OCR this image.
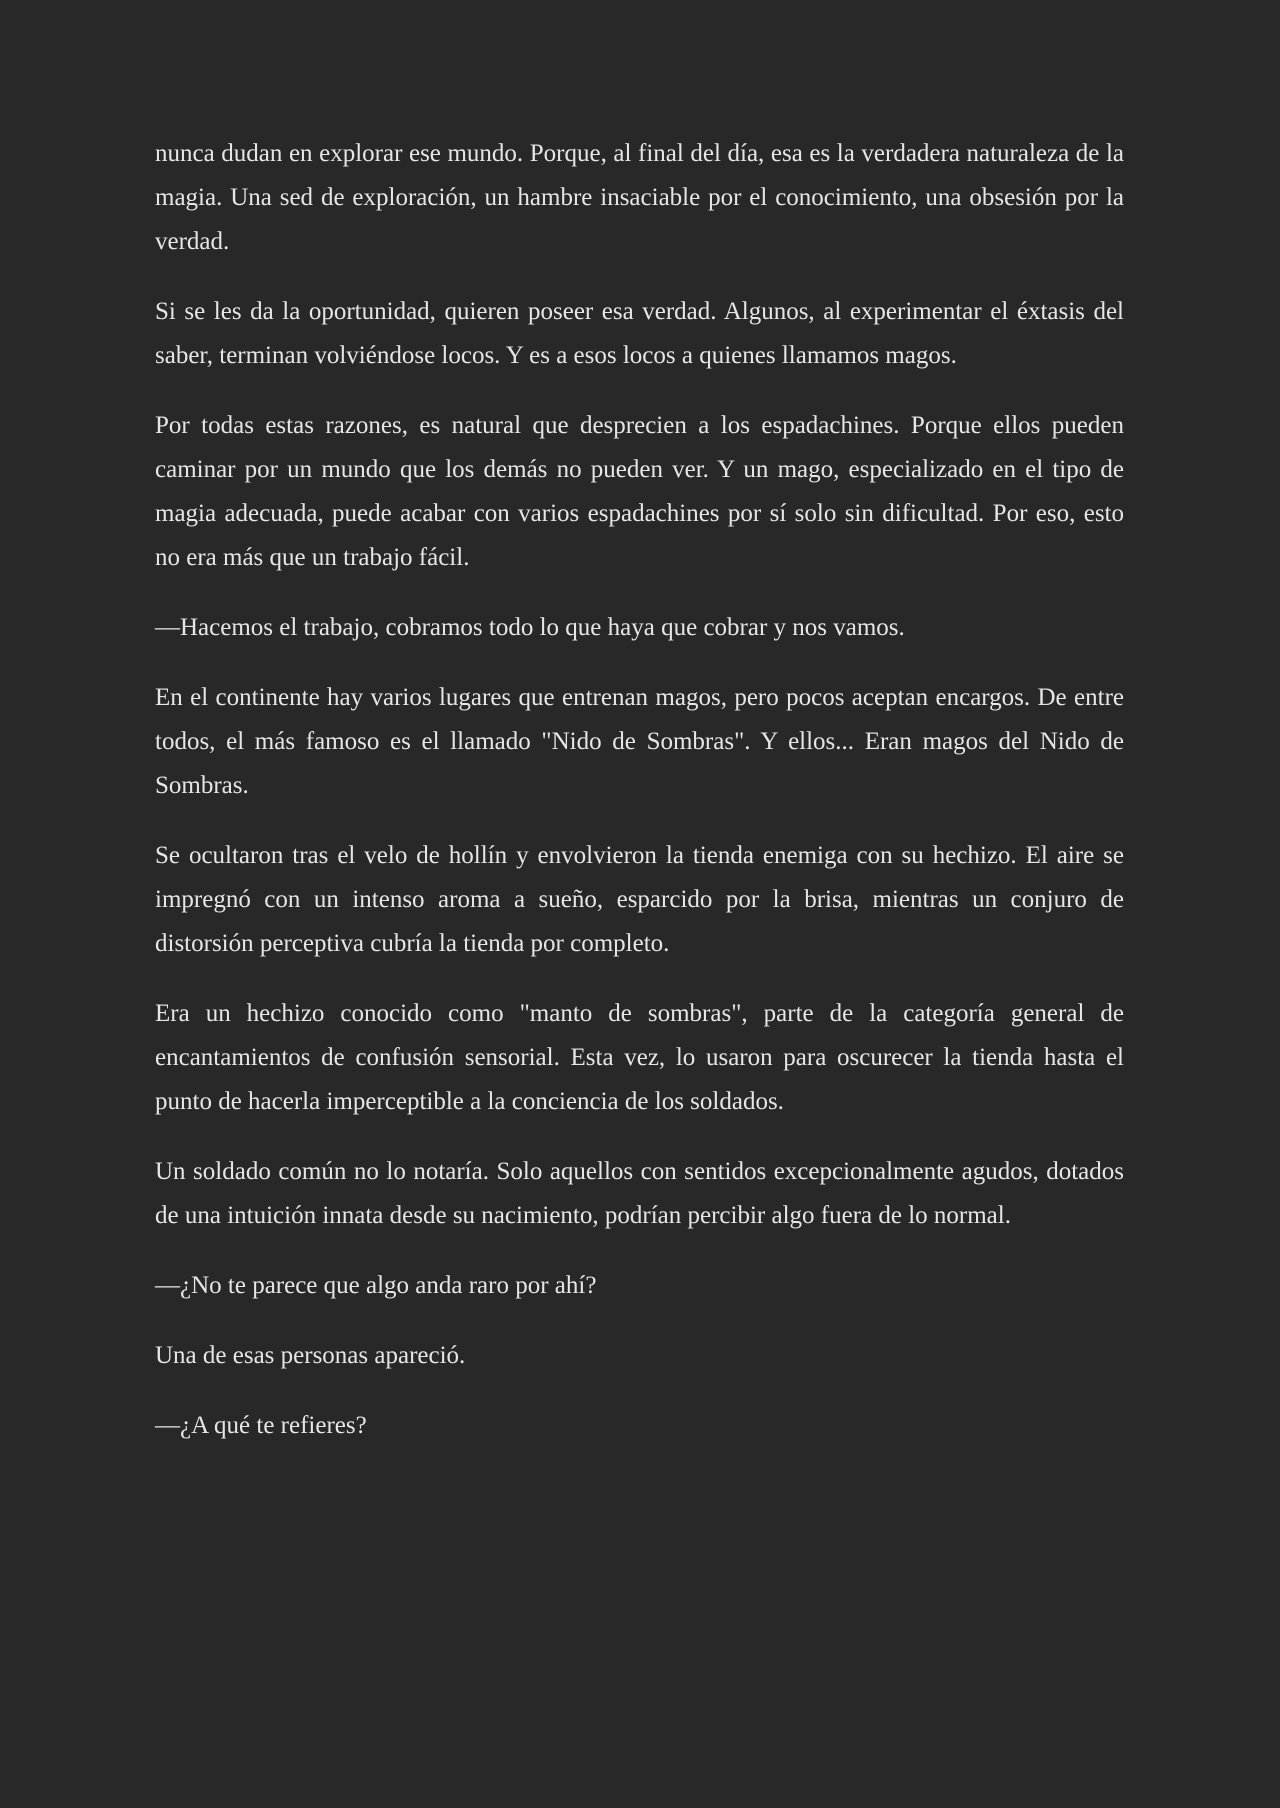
nunca dudan en explorar ese mundo. Porque, al final del día, esa es la verdadera naturaleza de la magia. Una sed de exploración, un hambre insaciable por el conocimiento, una obsesión por la verdad.

Si se les da la oportunidad, quieren poseer esa verdad. Algunos, al experimentar el éxtasis del saber, terminan volviéndose locos. Y es a esos locos a quienes llamamos magos.

Por todas estas razones, es natural que desprecien a los espadachines. Porque ellos pueden caminar por un mundo que los demás no pueden ver. Y un mago, especializado en el tipo de magia adecuada, puede acabar con varios espadachines por sí solo sin dificultad. Por eso, esto no era más que un trabajo fácil.

—Hacemos el trabajo, cobramos todo lo que haya que cobrar y nos vamos.

En el continente hay varios lugares que entrenan magos, pero pocos aceptan encargos. De entre todos, el más famoso es el llamado "Nido de Sombras". Y ellos... Eran magos del Nido de Sombras.

Se ocultaron tras el velo de hollín y envolvieron la tienda enemiga con su hechizo. El aire se impregnó con un intenso aroma a sueño, esparcido por la brisa, mientras un conjuro de distorsión perceptiva cubría la tienda por completo.

Era un hechizo conocido como "manto de sombras", parte de la categoría general de encantamientos de confusión sensorial. Esta vez, lo usaron para oscurecer la tienda hasta el punto de hacerla imperceptible a la conciencia de los soldados.

Un soldado común no lo notaría. Solo aquellos con sentidos excepcionalmente agudos, dotados de una intuición innata desde su nacimiento, podrían percibir algo fuera de lo normal.

—¿No te parece que algo anda raro por ahí?

Una de esas personas apareció.

—¿A qué te refieres?
